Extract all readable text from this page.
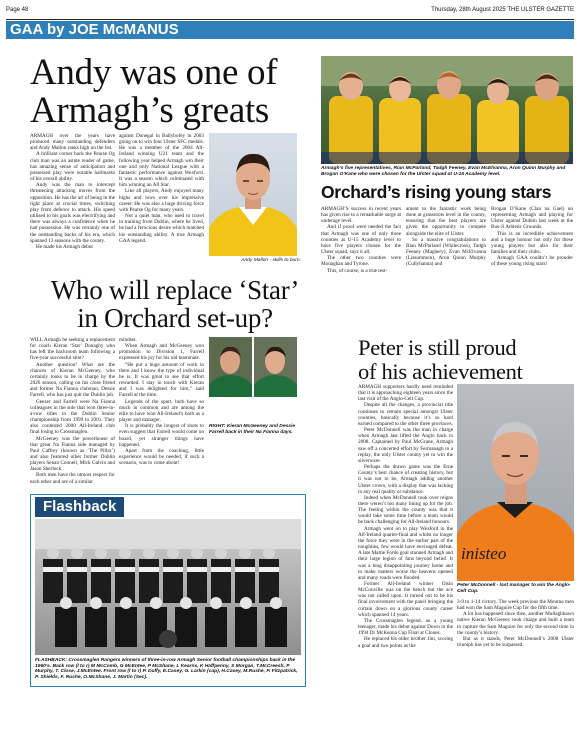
Page 48	Thursday, 28th August 2025 THE ULSTER GAZETTE
GAA by JOE McMANUS
Andy was one of
Armagh’s greats

ARMAGH over the years have produced many outstanding defenders and Andy Mallon ranks high on the list.

A brilliant corner back the Pearse Og club man was an astute reader of game, has amazing sense of anticipation and possessed play were notable hallmarks of his overall ability.

Andy was the man to intercept threatening attacking moves from the opposition. He has the art of being in the right place at crucial times, switching play from defence to attack. His speed utilised to his goals was electrifying and there was always a confidence when he had possession. He was certainly one of the outstanding backs of his era, which spanned 13 seasons with the county.

He made his Armagh debut

against Donegal in Ballybofey in 2003 going on to win four Ulster SFC medals. He was a member of the 2004 All-Ireland winning U21 team and the following year helped Armagh win their one and only National League with a fantastic performance against Wexford. It was a season which culminated with him winning an All Star.

Like all players, Andy enjoyed many highs and lows over his impressive career. He was also a huge driving force with Pearse Og for many years.

Not a quiet man, who used to travel to training from Dublin, where he lived, he had a ferocious desire which matched his outstanding ability. A true Armagh GAA legend.

Andy Mallon - skills to burn.
Armagh’s five representatives, Rian McParland, Tadgh Feeney, Evan McElvanna, Aron Quinn Murphy and Brogan O’Kane who were chosen for the Ulster squad at U-15 Academy level.
Orchard’s rising young stars

ARMAGH’S success in recent years has given rise to a remarkable surge at underage level.

And if proof were needed the fact that Armagh was one of only three counties at U-15 Academy level to have five players chosen for the Ulster squad, says it all.

The other two counties were Monaghan and Tyrone.

This, of course, is a true test-

ament to the fantastic work being done at grassroots level in the county, ensuring that the best players are given the opportunity to compete alongside the elite of Ulster.

So a massive congratulations to Rian McParland (Whitecross), Tadgh Feeney (Maghery), Evan McElvanna (Lissummon), Aron Quinn Murphy (Cullyhanna) and

Brogan O’Kane (Clan na Gael) on representing Armagh and playing for Ulster against Dublin last week at the Bus-Ji Athletic Grounds.

This is an incredible achievement and a huge honour not only for these young players but also for their families and their clubs.

Armagh GAA couldn’t be prouder of these young rising stars!

Who will replace ‘Star’
in Orchard set-up?

WILL Armagh be seeking a replacement for coach Kieran ‘Star’ Donaghy who has left the backroom team following a five-year successful stint?

Another question! What are the chances of Kieran McGeeney, who certainly looks to be in charge by the 2026 season, calling on his close friend and former Na Fianna clubman, Dessie Farrell, who has just quit the Dublin job.

Geezer and Farrell were Na Fianna colleagues in the side that won three-in-a-row titles in the Dublin Senior championship from 1999 to 2001. They also contested 2000 All-Ireland club final losing to Crossmaglen.

McGeeney was the powerhouse of that great Na Fianna side managed by Paul Caffrey (known as ‘The Pillar’) and also featured other former Dublin players Senan Connell, Mick Galvin and Jason Sherlock.

Both men have the utmost respect for each other and are of a similar

mindset.

When Armagh and McGeeney won promotion to Division 1, Farrell expressed his joy for his old teammate.

“He put a huge amount of work in there and I know the type of individual he is. It was great to see that effort rewarded. I stay in touch with Kieran and I was delighted for him,” said Farrell at the time.

Legends of the sport, both have so much in common and are among the elite to have won All-Ireland’s both as a player and manager.

It is probably the longest of shots to even suggest that Farrell would come on board, yet stranger things have happened.

Apart from the coaching, little experience would be needed, if such a scenario, was to come about!

RIGHT: Kieran McGeeney and Dessie Farrell back in their Na Fianna days.
Flashback
FLASHBACK: Crossmaglen Rangers winners of three-in-row Armagh Senior football championships back in the 1960’s. Back row (l to r) M McComb, G McEntee, P McShane, L Kearns, K Haffpenny, S Morgan, T.McCreesh, P Murphy, T. Close, J.McEntee. Front row (l to r) P. Duffy, E.Casey, G. Larkin (cap), H.Casey, M.Rushe, P. Fitzpatrick, P. Shields, F. Rushe, O.McShane, J. Martin (Sec).
Peter is still proud
of his achievement

ARMAGH supporters hardly need reminded that it is approaching eighteen years since the last visit of the Anglo-Celt Cup.

Despite all the changes, a provincial title continues to remain special amongst Ulster counties, basically because it’s so hard earned compared to the other three provinces.

Peter McDonnell was the man in charge when Armagh last lifted the Anglo back in 2008. Captained by Paul McGrane, Armagh saw off a concerted effort by Fermanagh in a replay, the only Ulster county yet to win the silverware.

Perhaps the drawn game was the Erne County’s best chance of creating history, but it was not to be, Armagh adding another Ulster crown, with a display that was lacking in any real quality or substance.

Indeed when McDonnell took over reigns there weren’t too many lining up for the job. The feeling within the county was that it would take some time before a team would be back challenging for All-Ireland honours.

Armagh went on to play Wexford in the All-Ireland quarter-final and whilst no longer the force they were in the earlier part of the noughties, few would have envisaged defeat. A late Mattie Forde goal stunned Armagh and their large legion of fans beyond belief. It was a long disappointing journey home and to make matters worse the heavens opened and many roads were flooded.

Former All-Ireland winner Oisin McConville was on the bench but the ace was not called upon. It turned out to be his final involvement with the panel bringing the curtain down on a glorious county career which spanned 14 years.

The Crossmaglen legend, as a young teenager, made his debut against Down in the 1994 Dr McKenna Cup Final at Clones.

He replaced his older brother Jim, scoring a goal and two points as the

inisteo
Peter McDonnell - last manager to win the Anglo-Celt Cup.

3-9 to 1-14 victory. The week previous the Mourne men had won the Sam Maguire Cup for the fifth time.

A lot has happened since then, another Mullaghbawn native Kieran McGeeney took charge and built a team to capture the Sam Maguire for only the second time in the county’s history.

But as it stands, Peter McDonnell’s 2008 Ulster triumph has yet to be surpassed.
